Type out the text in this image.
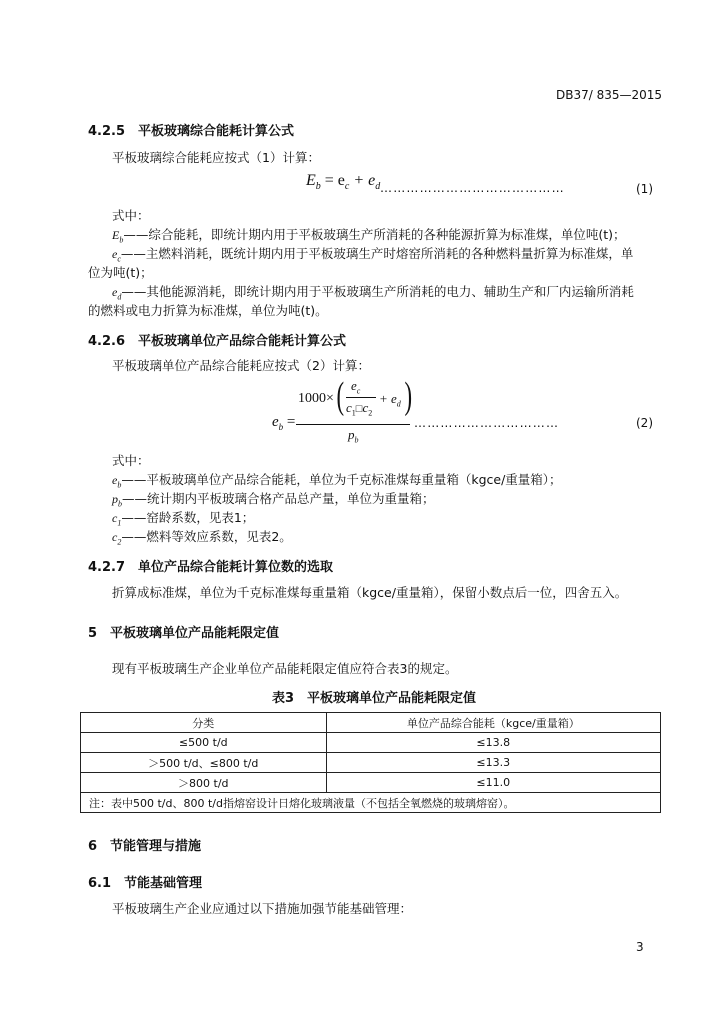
DB37/ 835—2015
4.2.5　平板玻璃综合能耗计算公式
平板玻璃综合能耗应按式（1）计算：
$E_b = e_c + e_d$ ……………………………………	(1)
式中：
$E_b——$综合能耗，即统计期内用于平板玻璃生产所消耗的各种能源折算为标准煤，单位吨(t)；
$e_c——$主燃料消耗，既统计期内用于平板玻璃生产时熔窑所消耗的各种燃料量折算为标准煤，单
位为吨(t)；
$e_d——$其他能源消耗，即统计期内用于平板玻璃生产所消耗的电力、辅助生产和厂内运输所消耗
的燃料或电力折算为标准煤，单位为吨(t)。
4.2.6　平板玻璃单位产品综合能耗计算公式
平板玻璃单位产品综合能耗应按式（2）计算：
$e_b$ =
1000× ( $e_c$
$c_1□c_2$
+ $e_d$ )
$p_b$
……………………………	(2)
式中：
$e_b——$平板玻璃单位产品综合能耗，单位为千克标准煤每重量箱（kgce/重量箱）；
$p_b——$统计期内平板玻璃合格产品总产量，单位为重量箱；
$c_1——$窑龄系数，见表1；
$c_2——$燃料等效应系数，见表2。
4.2.7　单位产品综合能耗计算位数的选取
折算成标准煤，单位为千克标准煤每重量箱（kgce/重量箱），保留小数点后一位，四舍五入。
5　平板玻璃单位产品能耗限定值
现有平板玻璃生产企业单位产品能耗限定值应符合表3的规定。
表3　平板玻璃单位产品能耗限定值
分类	单位产品综合能耗（kgce/重量箱）
≤500 t/d	≤13.8
＞500 t/d、≤800 t/d	≤13.3
＞800 t/d	≤11.0
注：表中500 t/d、800 t/d指熔窑设计日熔化玻璃液量（不包括全氧燃烧的玻璃熔窑）。	
6　节能管理与措施
6.1　节能基础管理
平板玻璃生产企业应通过以下措施加强节能基础管理：
3
